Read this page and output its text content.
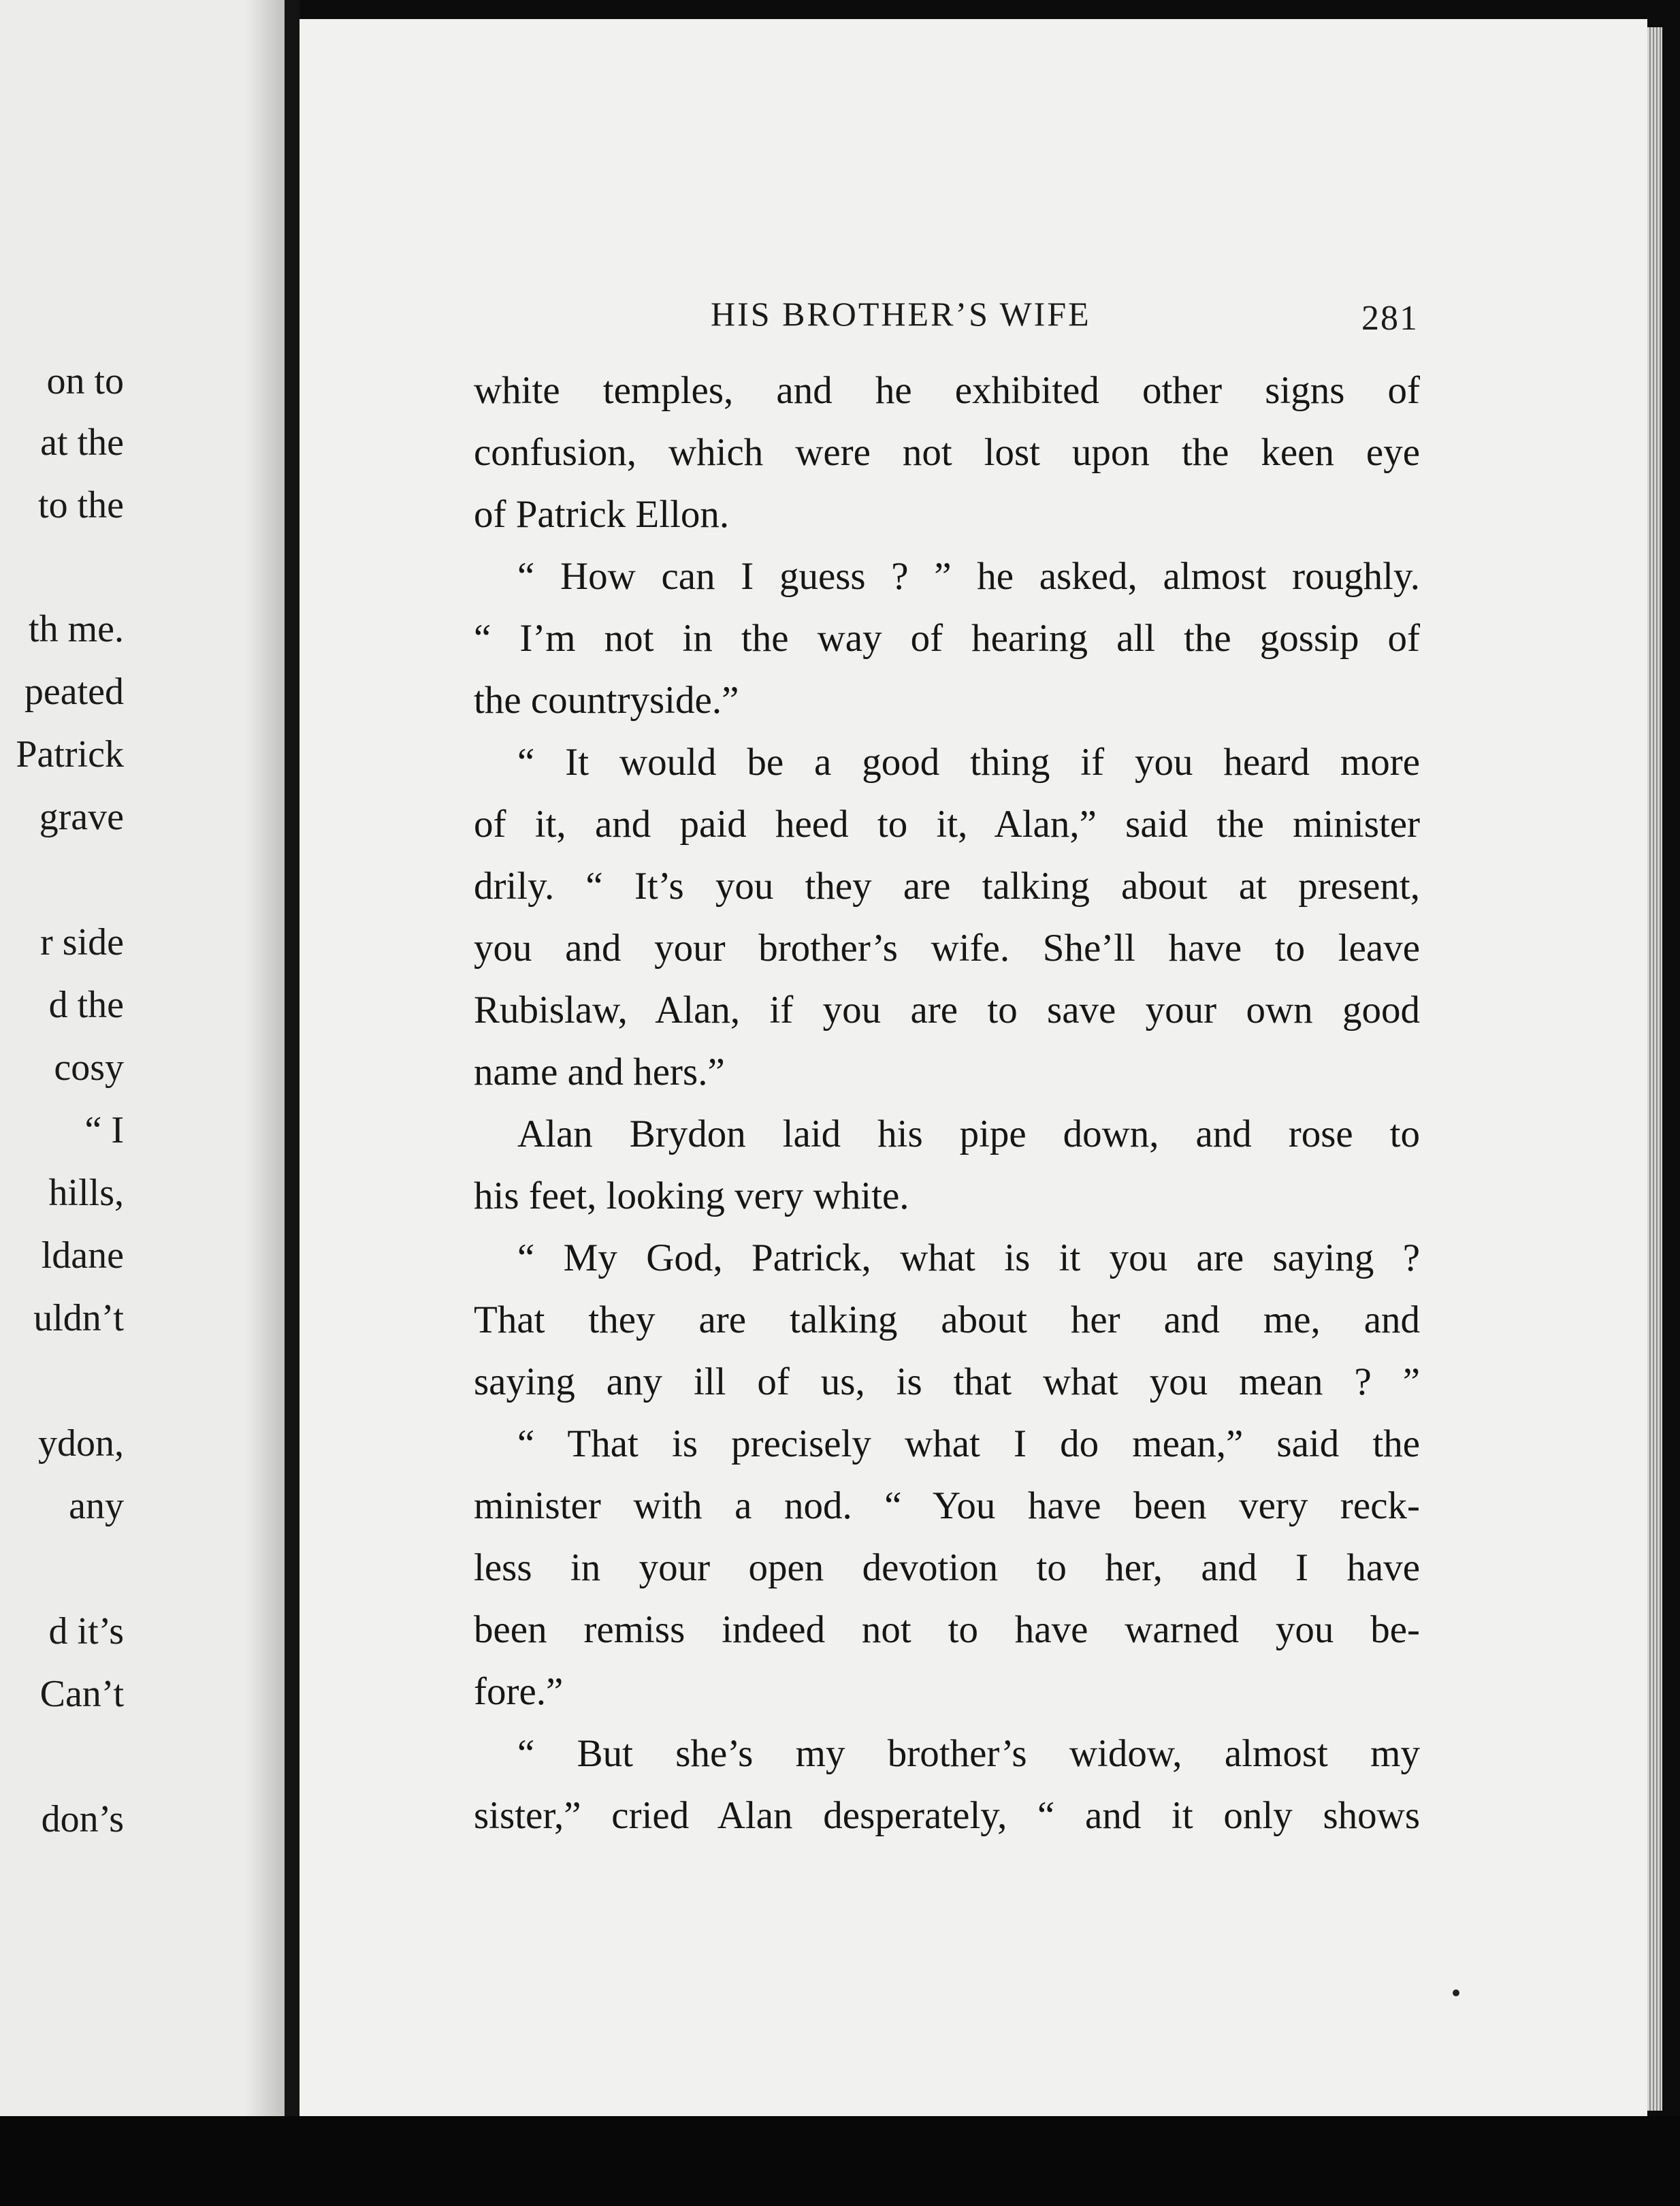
on to
at the
to the
th me.
peated
Patrick
grave
r side
d the
cosy
“ I
hills,
ldane
uldn’t
ydon,
any
d it’s
Can’t
don’s
HIS BROTHER’S WIFE	281
white temples, and he exhibited other signs of
confusion, which were not lost upon the keen eye
of Patrick Ellon.
“ How can I guess ? ” he asked, almost roughly.
“ I’m not in the way of hearing all the gossip of
the countryside.”
“ It would be a good thing if you heard more
of it, and paid heed to it, Alan,” said the minister
drily. “ It’s you they are talking about at present,
you and your brother’s wife. She’ll have to leave
Rubislaw, Alan, if you are to save your own good
name and hers.”
Alan Brydon laid his pipe down, and rose to
his feet, looking very white.
“ My God, Patrick, what is it you are saying ?
That they are talking about her and me, and
saying any ill of us, is that what you mean ? ”
“ That is precisely what I do mean,” said the
minister with a nod. “ You have been very reck-
less in your open devotion to her, and I have
been remiss indeed not to have warned you be-
fore.”
“ But she’s my brother’s widow, almost my
sister,” cried Alan desperately, “ and it only shows
